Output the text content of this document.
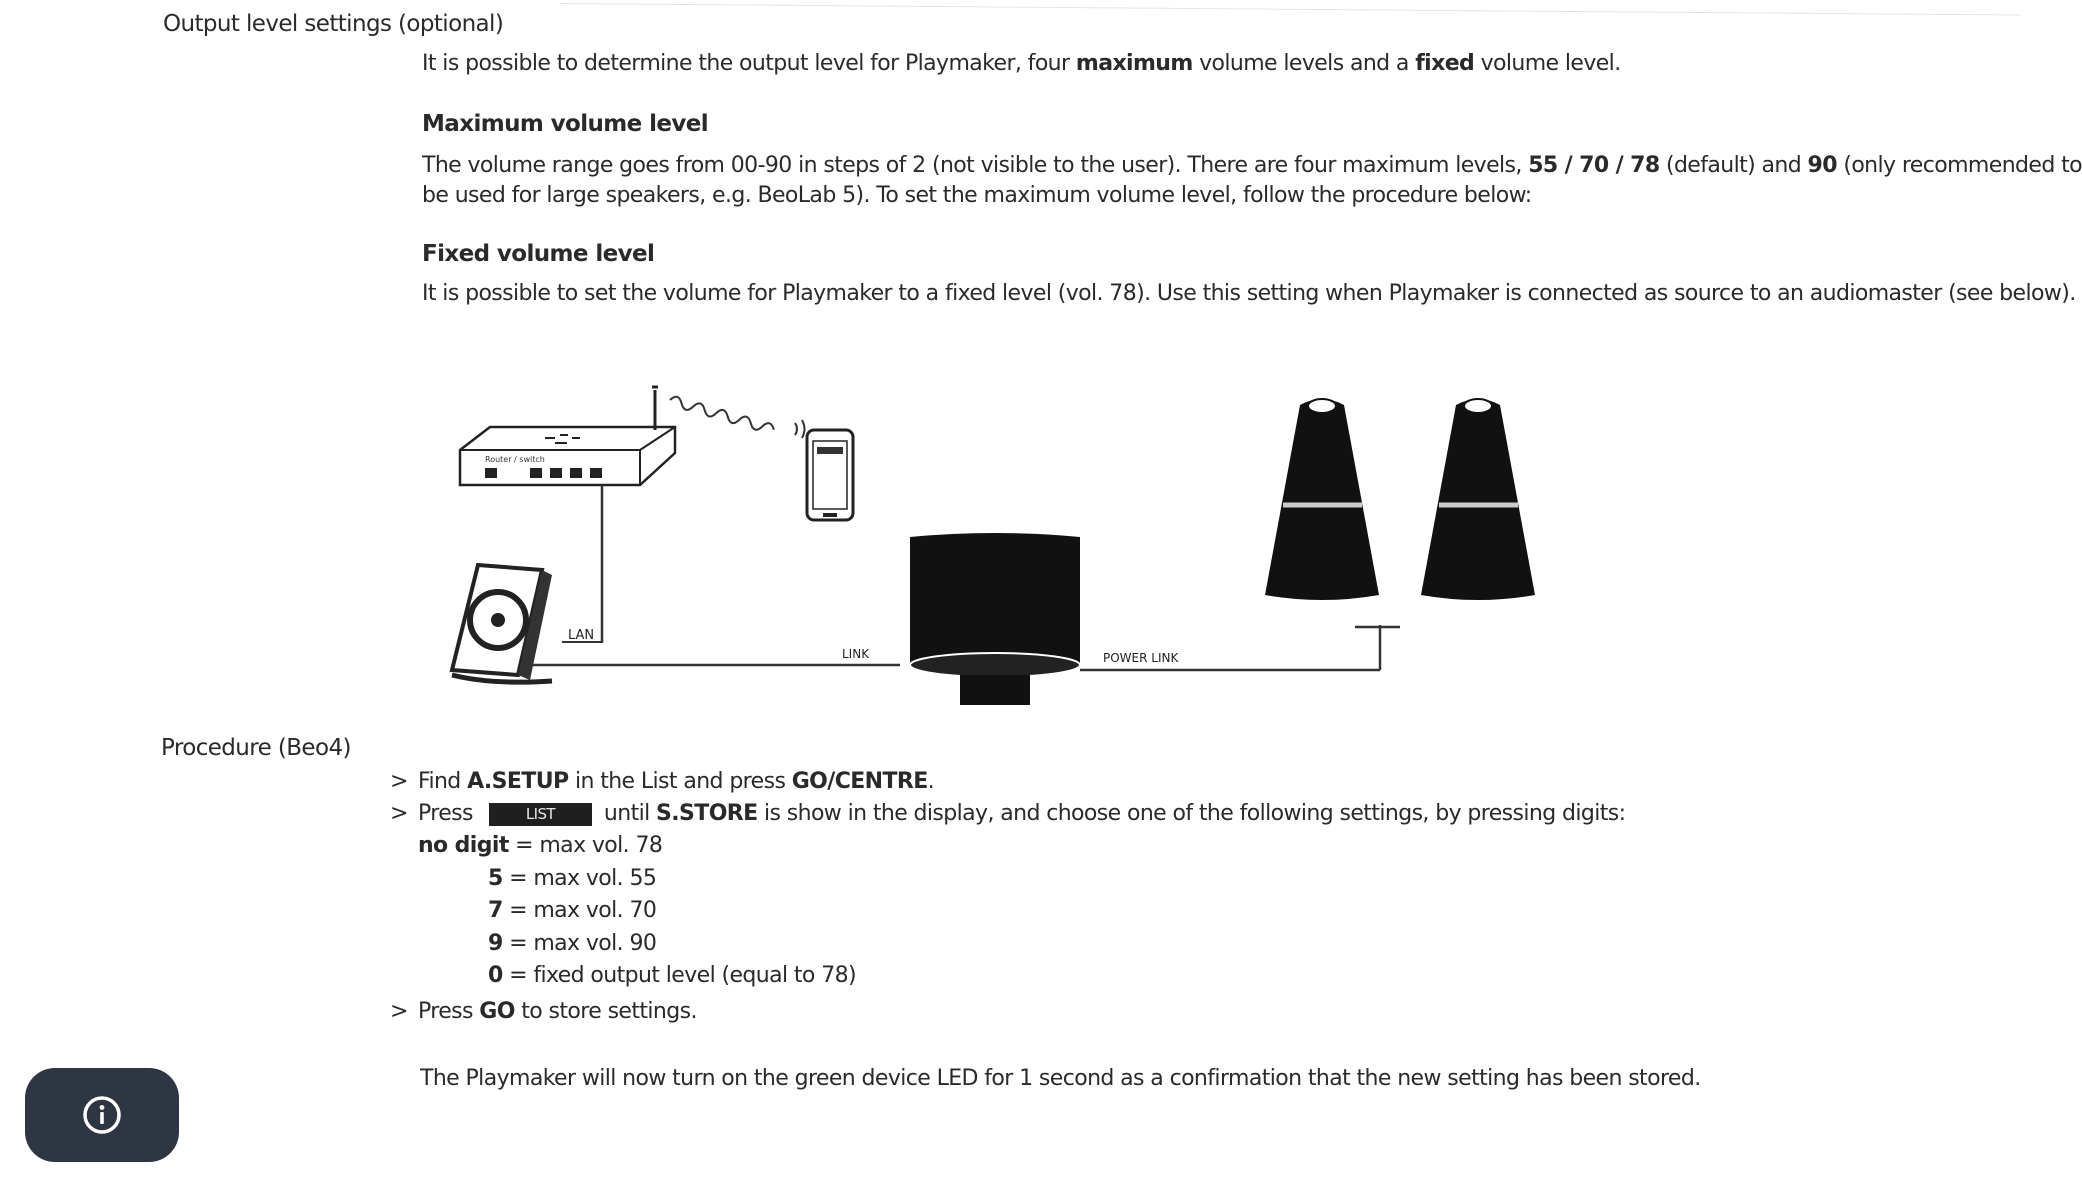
Output level settings (optional)
It is possible to determine the output level for Playmaker, four maximum volume levels and a fixed volume level.
Maximum volume level
The volume range goes from 00-90 in steps of 2 (not visible to the user). There are four maximum levels, 55 / 70 / 78 (default) and 90 (only recommended to
be used for large speakers, e.g. BeoLab 5). To set the maximum volume level, follow the procedure below:
Fixed volume level
It is possible to set the volume for Playmaker to a fixed level (vol. 78). Use this setting when Playmaker is connected as source to an audiomaster (see below).
Router / switch
LAN
LINK	POWER LINK
Procedure (Beo4)
> Find A.SETUP in the List and press GO/CENTRE.
> Press	LIST until S.STORE is show in the display, and choose one of the following settings, by pressing digits:
no digit = max vol. 78
5 = max vol. 55
7 = max vol. 70
9 = max vol. 90
0 = fixed output level (equal to 78)
> Press GO to store settings.
The Playmaker will now turn on the green device LED for 1 second as a confirmation that the new setting has been stored.
